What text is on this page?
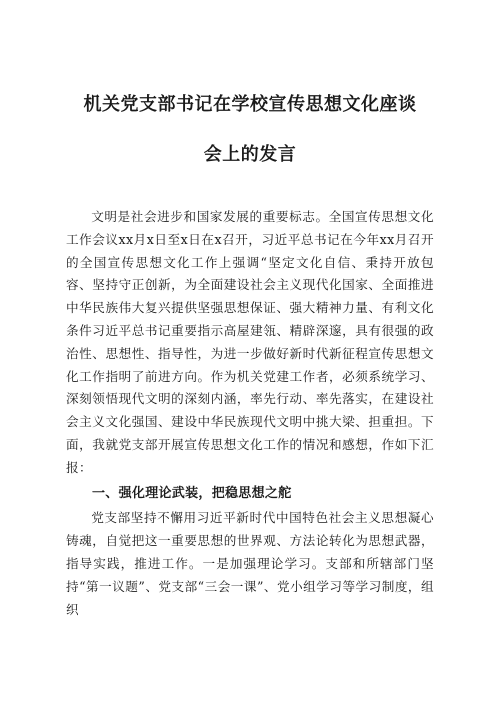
机关党支部书记在学校宣传思想文化座谈
会上的发言

文明是社会进步和国家发展的重要标志。全国宣传思想文化工作会议xx月x日至x日在x召开，习近平总书记在今年xx月召开的全国宣传思想文化工作上强调“坚定文化自信、秉持开放包容、坚持守正创新，为全面建设社会主义现代化国家、全面推进中华民族伟大复兴提供坚强思想保证、强大精神力量、有利文化条件习近平总书记重要指示高屋建瓴、精辟深邃，具有很强的政治性、思想性、指导性，为进一步做好新时代新征程宣传思想文化工作指明了前进方向。作为机关党建工作者，必须系统学习、深刻领悟现代文明的深刻内涵，率先行动、率先落实，在建设社会主义文化强国、建设中华民族现代文明中挑大梁、担重担。下面，我就党支部开展宣传思想文化工作的情况和感想，作如下汇报：

一、强化理论武装，把稳思想之舵

党支部坚持不懈用习近平新时代中国特色社会主义思想凝心铸魂，自觉把这一重要思想的世界观、方法论转化为思想武器，指导实践，推进工作。一是加强理论学习。支部和所辖部门坚持“第一议题”、党支部“三会一课”、党小组学习等学习制度，组织
